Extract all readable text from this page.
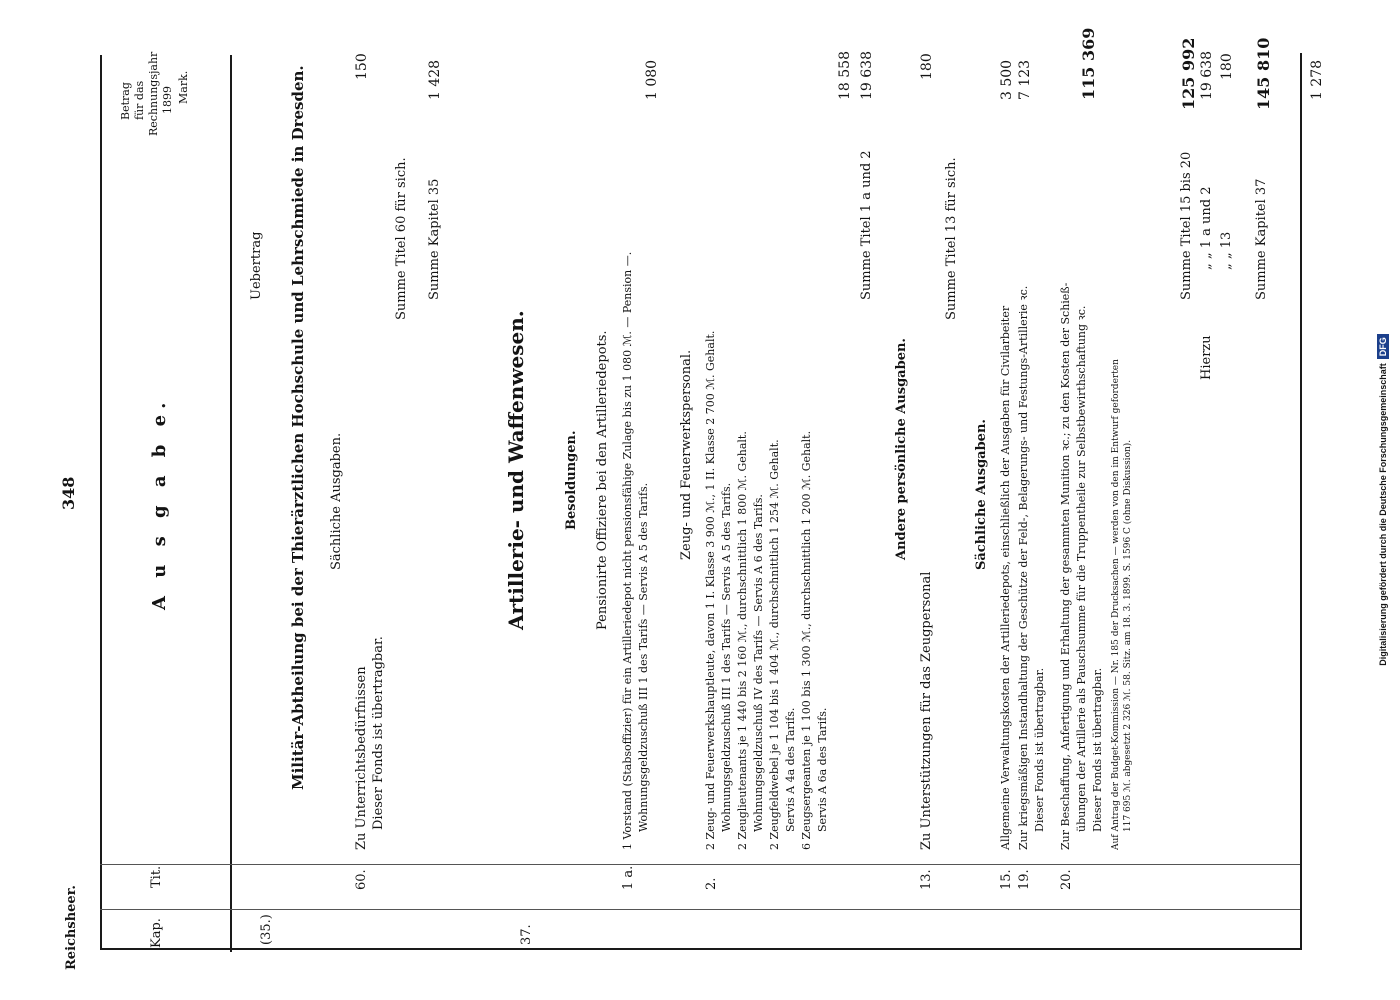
Reichsheer.
348	A u s g a b e.
Kap.
Tit.
Betrag für das Rechnungsjahr 1899 Mark.
(35.)
Uebertrag
1 278
Militär-Abtheilung bei der Thierärztlichen Hochschule und Lehrschmiede in Dresden. Sächliche Ausgaben.
60.
Zu Unterrichtsbedürfnissen Dieser Fonds ist übertragbar.
150
Summe Titel 60 für sich. Summe Kapitel 35
1 428
37.
Artillerie- und Waffenwesen.	Besoldungen. Pensionirte Offiziere bei den Artilleriedepots.
1 a.
1 Vorstand (Stabsoffizier) für ein Artilleriedepot nicht pensionsfähige Zulage bis zu 1 080 ℳ. — Pension —. Wohnungsgeldzuschuß III 1 des Tarifs — Servis A 5 des Tarifs.
1 080
Zeug- und Feuerwerkspersonal.
2.
2 Zeug- und Feuerwerkshauptleute, davon 1 I. Klasse 3 900 ℳ., 1 II. Klasse 2 700 ℳ. Gehalt. Wohnungsgeldzuschuß III 1 des Tarifs — Servis A 5 des Tarifs. 2 Zeuglieutenants je 1 440 bis 2 160 ℳ., durchschnittlich 1 800 ℳ. Gehalt. Wohnungsgeldzuschuß IV des Tarifs — Servis A 6 des Tarifs. 2 Zeugfeldwebel je 1 104 bis 1 404 ℳ., durchschnittlich 1 254 ℳ. Gehalt. Servis A 4a des Tarifs. 6 Zeugsergeanten je 1 100 bis 1 300 ℳ., durchschnittlich 1 200 ℳ. Gehalt. Servis A 6a des Tarifs.
18 558
Summe Titel 1 a und 2
19 638
Andere persönliche Ausgaben.
13.
Zu Unterstützungen für das Zeugpersonal
180
Summe Titel 13 für sich.
Sächliche Ausgaben.
15.
Allgemeine Verwaltungskosten der Artilleriedepots, einschließlich der Ausgaben für Civilarbeiter
3 500
19.
Zur kriegsmäßigen Instandhaltung der Geschütze der Feld-, Belagerungs- und Festungs-Artillerie ꝛc. Dieser Fonds ist übertragbar.
7 123
20.
Zur Beschaffung, Anfertigung und Erhaltung der gesammten Munition ꝛc.; zu den Kosten der Schieß- übungen der Artillerie als Pauschsumme für die Truppentheile zur Selbstbewirthschaftung ꝛc. Dieser Fonds ist übertragbar.
115 369
Auf Antrag der Budget-Kommission — Nr. 185 der Drucksachen — werden von den im Entwurf geforderten 117 695 ℳ. abgesetzt 2 326 ℳ. 58. Sitz. am 18. 3. 1899. S. 1596 C (ohne Diskussion).
Summe Titel 15 bis 20
125 992
Hierzu
„ „ 1 a und 2
19 638
„ „ 13
180
Summe Kapitel 37
145 810
Digitalisierung gefördert durch die Deutsche ForschungsgemeinschaftDFG
